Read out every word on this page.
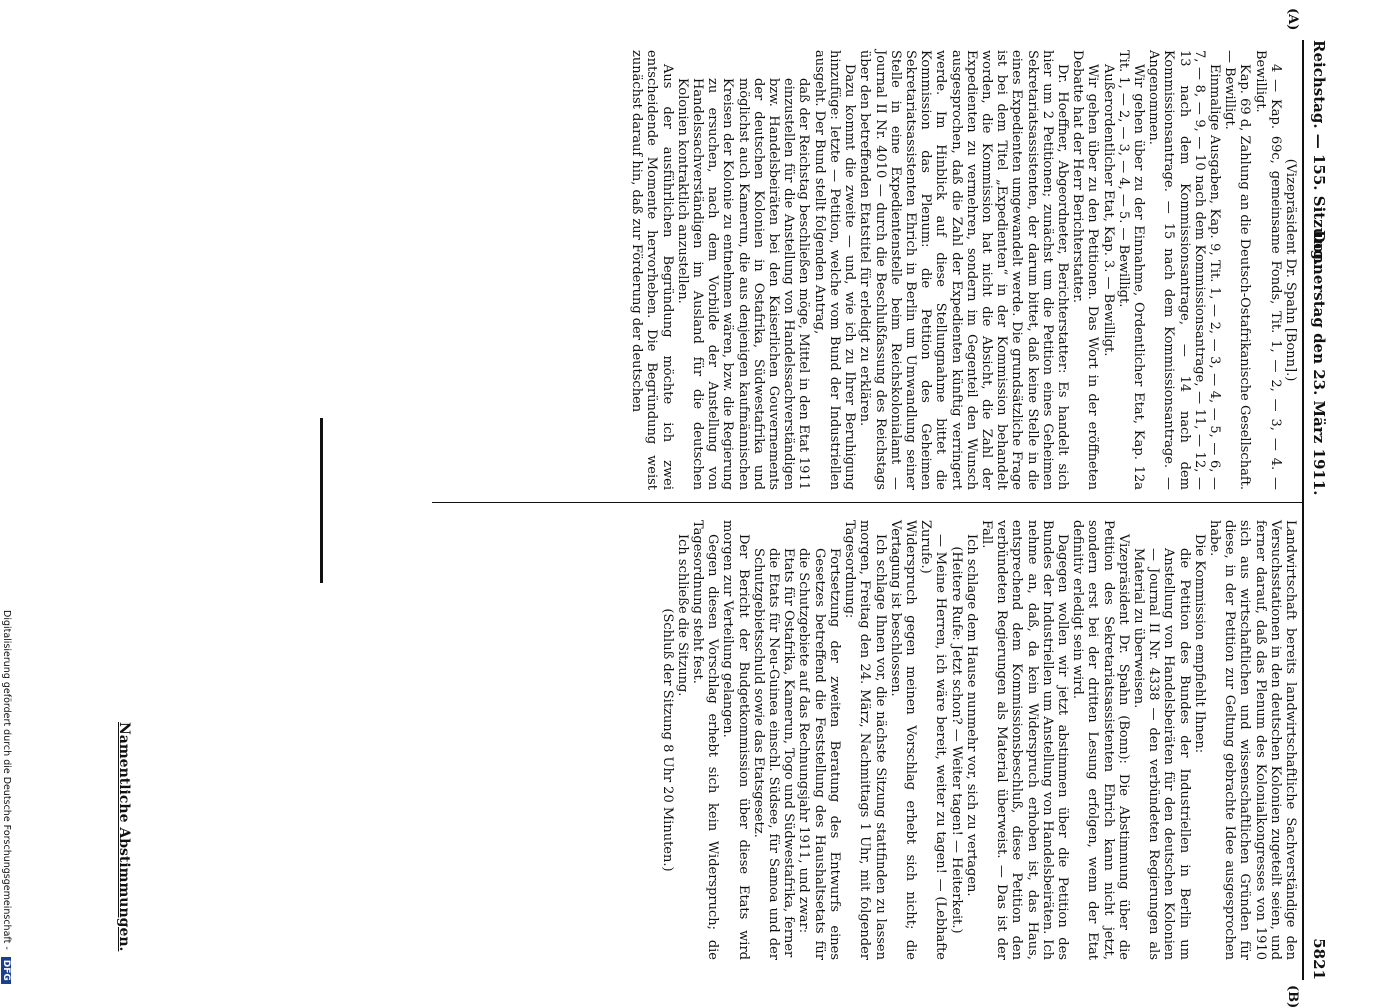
Reichstag. — 155. Sitzung.
Donnerstag den 23. März 1911.
5821
(A)
(B)

(Vizepräsident Dr. Spahn [Bonn].)

4 — Kap. 69c, gemeinsame Fonds, Tit. 1, — 2, — 3, — 4. — Bewilligt.

Kap. 69 d, Zahlung an die Deutsch-Ostafrikanische Gesellschaft. — Bewilligt.

Einmalige Ausgaben, Kap. 9, Tit. 1, — 2, — 3, — 4, — 5, — 6, — 7, — 8, — 9, — 10 nach dem Kommissionsantrage, — 11, — 12, — 13 nach dem Kommissionsantrage, — 14 nach dem Kommissionsantrage. — 15 nach dem Kommissionsantrage. — Angenommen.

Wir gehen über zu der Einnahme, Ordentlicher Etat, Kap. 12a Tit. 1, — 2, — 3, — 4, — 5. — Bewilligt.

Außerordentlicher Etat, Kap. 3. — Bewilligt.

Wir gehen über zu den Petitionen. Das Wort in der eröffneten Debatte hat der Herr Berichterstatter.

Dr. Hoeffner, Abgeordneter, Berichterstatter: Es handelt sich hier um 2 Petitionen; zunächst um die Petition eines Geheimen Sekretariatsassistenten, der darum bittet, daß keine Stelle in die eines Expedienten umgewandelt werde. Die grundsätzliche Frage ist bei dem Titel „Expedienten“ in der Kommission behandelt worden, die Kommission hat nicht die Absicht, die Zahl der Expedienten zu vermehren, sondern im Gegenteil den Wunsch ausgesprochen, daß die Zahl der Expedienten künftig verringert werde. Im Hinblick auf diese Stellungnahme bittet die Kommission das Plenum: die Petition des Geheimen Sekretariatsassistenten Ehrich in Berlin um Umwandlung seiner Stelle in eine Expedientenstelle beim Reichskolonialamt — Journal II Nr. 4010 — durch die Beschlußfassung des Reichstags über den betreffenden Etatstitel für erledigt zu erklären.

Dazu kommt die zweite — und, wie ich zu Ihrer Beruhigung hinzufüge: letzte — Petition, welche vom Bund der Industriellen ausgeht. Der Bund stellt folgenden Antrag,

daß der Reichstag beschließen möge, Mittel in den Etat 1911 einzustellen für die Anstellung von Handelssachverständigen bzw. Handelsbeiräten bei den Kaiserlichen Gouvernements der deutschen Kolonien in Ostafrika, Südwestafrika und möglichst auch Kamerun, die aus denjenigen kaufmännischen Kreisen der Kolonie zu entnehmen wären, bzw. die Regierung zu ersuchen, nach dem Vorbilde der Anstellung von Handelssachverständigen im Ausland für die deutschen Kolonien kontraktlich anzustellen.

Aus der ausführlichen Begründung möchte ich zwei entscheidende Momente hervorheben. Die Begründung weist zunächst darauf hin, daß zur Förderung der deutschen

Landwirtschaft bereits landwirtschaftliche Sachverständige den Versuchsstationen in den deutschen Kolonien zugeteilt seien, und ferner darauf, daß das Plenum des Kolonialkongresses von 1910 sich aus wirtschaftlichen und wissenschaftlichen Gründen für diese, in der Petition zur Geltung gebrachte Idee ausgesprochen habe.

Die Kommission empfiehlt Ihnen:

die Petition des Bundes der Industriellen in Berlin um Anstellung von Handelsbeiräten für den deutschen Kolonien — Journal II Nr. 4338 — den verbündeten Regierungen als Material zu überweisen.

Vizepräsident Dr. Spahn (Bonn): Die Abstimmung über die Petition des Sekretariatsassistenten Ehrich kann nicht jetzt, sondern erst bei der dritten Lesung erfolgen, wenn der Etat definitiv erledigt sein wird.

Dagegen wollen wir jetzt abstimmen über die Petition des Bundes der Industriellen um Anstellung von Handelsbeiräten. Ich nehme an, daß, da kein Widerspruch erhoben ist, das Haus, entsprechend dem Kommissionsbeschluß, diese Petition den verbündeten Regierungen als Material überweist. — Das ist der Fall.

Ich schlage dem Hause nunmehr vor, sich zu vertagen.

(Heitere Rufe: Jetzt schon? — Weiter tagen! — Heiterkeit.)

— Meine Herren, ich wäre bereit, weiter zu tagen! — (Lebhafte Zurufe.)

Widerspruch gegen meinen Vorschlag erhebt sich nicht; die Vertagung ist beschlossen.

Ich schlage Ihnen vor, die nächste Sitzung stattfinden zu lassen morgen, Freitag den 24. März, Nachmittags 1 Uhr, mit folgender Tagesordnung:

Fortsetzung der zweiten Beratung des Entwurfs eines Gesetzes betreffend die Feststellung des Haushaltsetats für die Schutzgebiete auf das Rechnungsjahr 1911, und zwar:

Etats für Ostafrika, Kamerun, Togo und Südwestafrika, ferner

die Etats für Neu-Guinea einschl. Südsee, für Samoa und der Schutzgebietsschuld sowie das Etatsgesetz.

Der Bericht der Budgetkommission über diese Etats wird morgen zur Verteilung gelangen.

Gegen diesen Vorschlag erhebt sich kein Widerspruch; die Tagesordnung steht fest.

Ich schließe die Sitzung.

(Schluß der Sitzung 8 Uhr 20 Minuten.)

Namentliche Abstimmungen.
Digitalisierung gefördert durch die Deutsche Forschungsgemeinschaft - DFG
